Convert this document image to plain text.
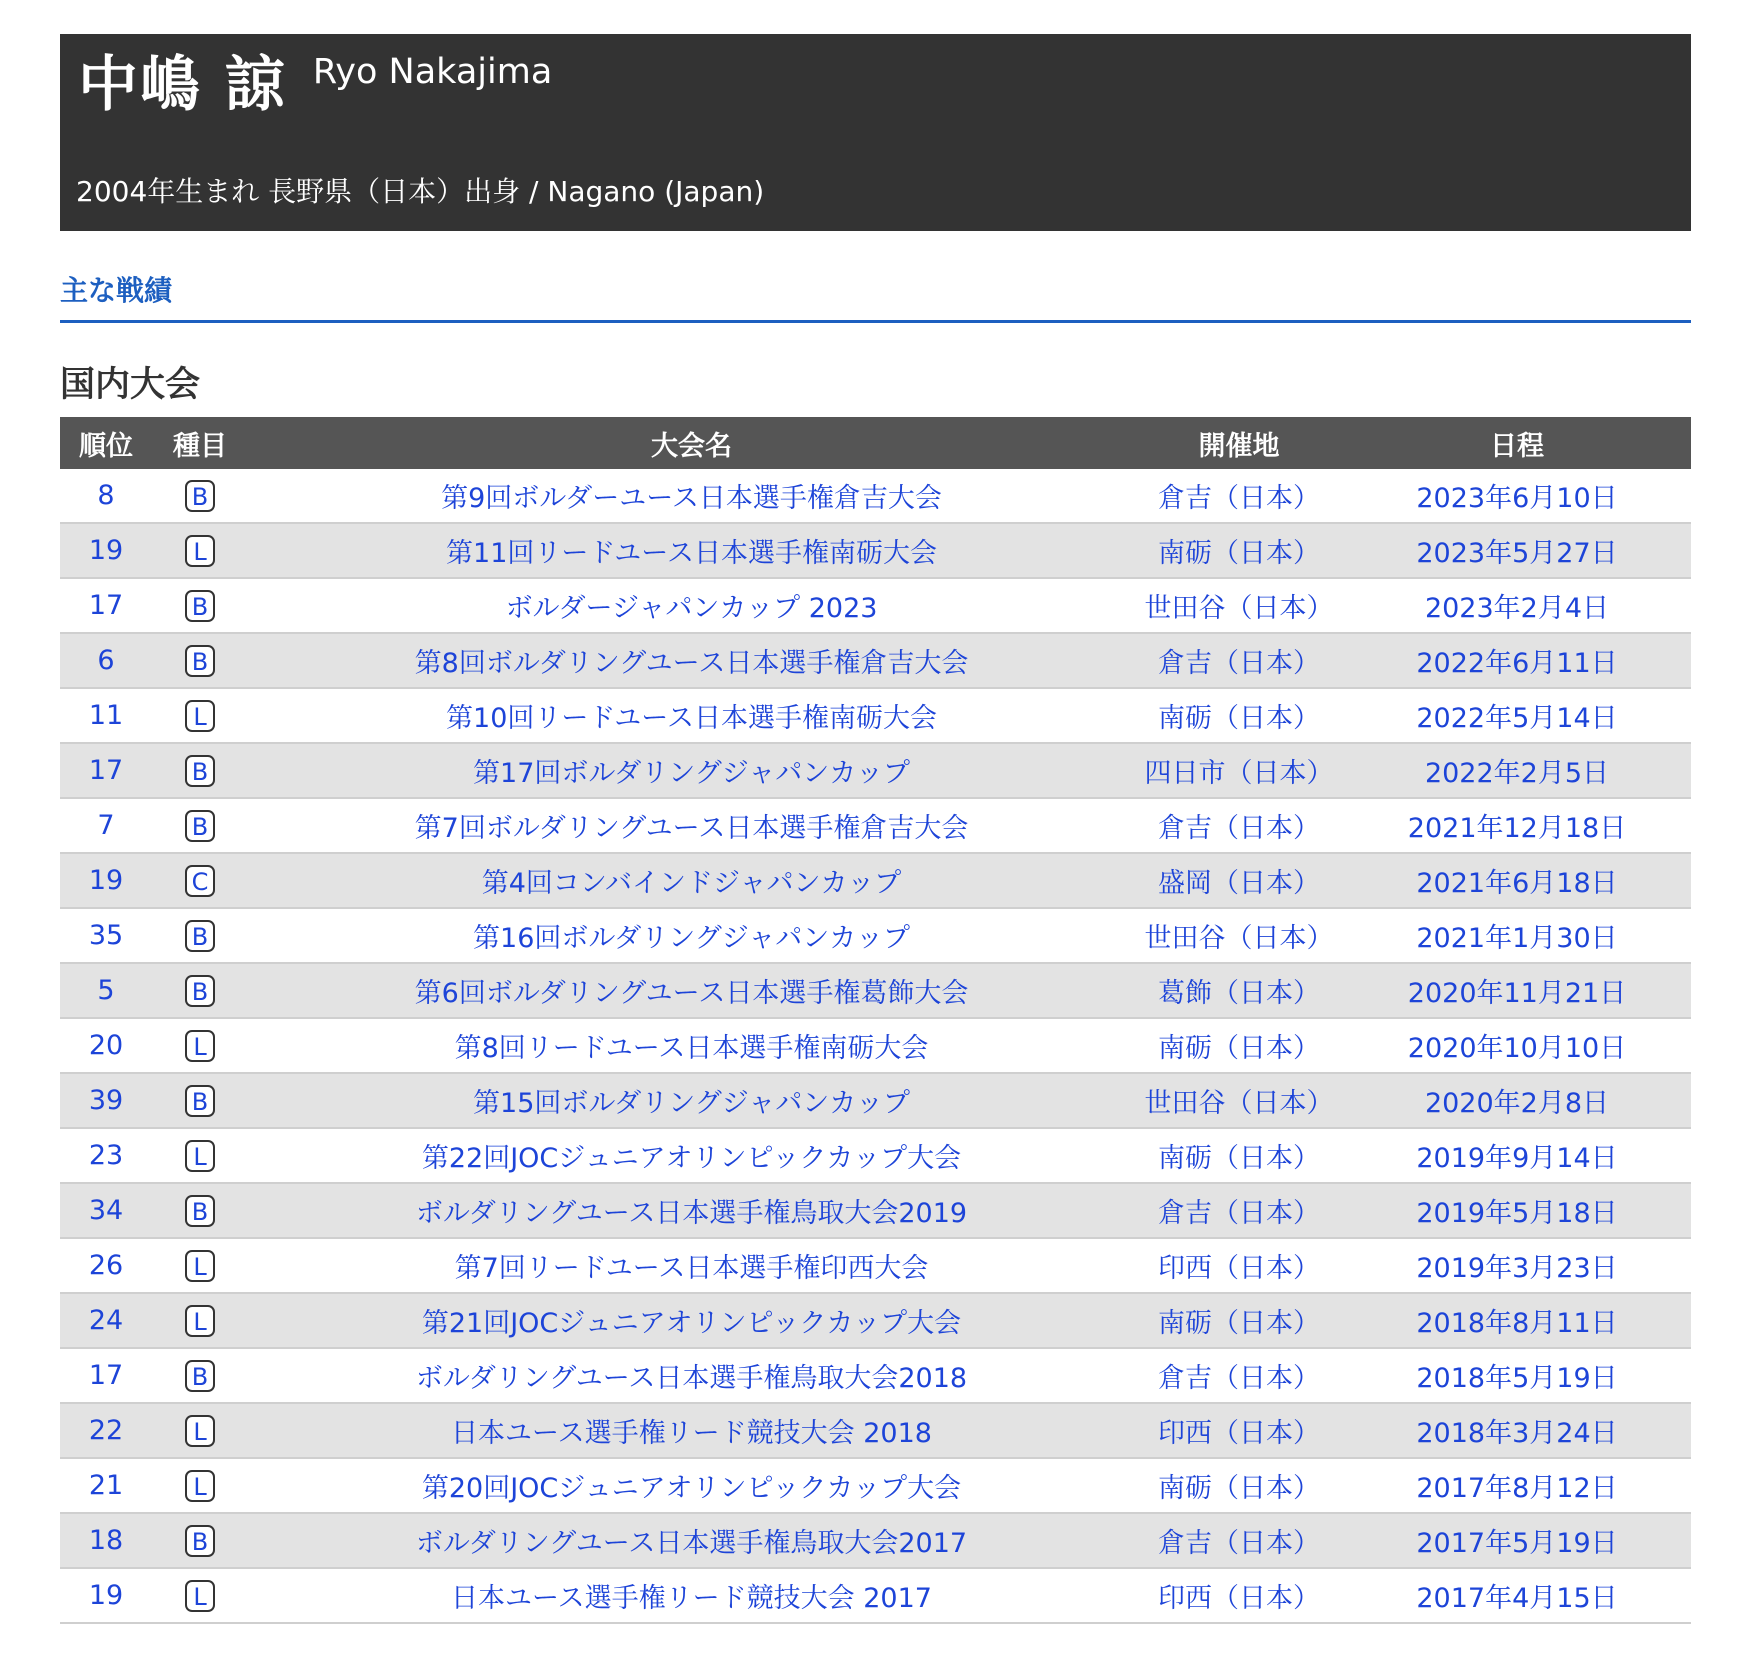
中嶋 諒 Ryo Nakajima
2004年生まれ 長野県（日本）出身 / Nagano (Japan)
主な戦績
国内大会
順位	種目	大会名	開催地	日程
8	B	第9回ボルダーユース日本選手権倉吉大会	倉吉（日本）	2023年6月10日
19	L	第11回リードユース日本選手権南砺大会	南砺（日本）	2023年5月27日
17	B	ボルダージャパンカップ 2023	世田谷（日本）	2023年2月4日
6	B	第8回ボルダリングユース日本選手権倉吉大会	倉吉（日本）	2022年6月11日
11	L	第10回リードユース日本選手権南砺大会	南砺（日本）	2022年5月14日
17	B	第17回ボルダリングジャパンカップ	四日市（日本）	2022年2月5日
7	B	第7回ボルダリングユース日本選手権倉吉大会	倉吉（日本）	2021年12月18日
19	C	第4回コンバインドジャパンカップ	盛岡（日本）	2021年6月18日
35	B	第16回ボルダリングジャパンカップ	世田谷（日本）	2021年1月30日
5	B	第6回ボルダリングユース日本選手権葛飾大会	葛飾（日本）	2020年11月21日
20	L	第8回リードユース日本選手権南砺大会	南砺（日本）	2020年10月10日
39	B	第15回ボルダリングジャパンカップ	世田谷（日本）	2020年2月8日
23	L	第22回JOCジュニアオリンピックカップ大会	南砺（日本）	2019年9月14日
34	B	ボルダリングユース日本選手権鳥取大会2019	倉吉（日本）	2019年5月18日
26	L	第7回リードユース日本選手権印西大会	印西（日本）	2019年3月23日
24	L	第21回JOCジュニアオリンピックカップ大会	南砺（日本）	2018年8月11日
17	B	ボルダリングユース日本選手権鳥取大会2018	倉吉（日本）	2018年5月19日
22	L	日本ユース選手権リード競技大会 2018	印西（日本）	2018年3月24日
21	L	第20回JOCジュニアオリンピックカップ大会	南砺（日本）	2017年8月12日
18	B	ボルダリングユース日本選手権鳥取大会2017	倉吉（日本）	2017年5月19日
19	L	日本ユース選手権リード競技大会 2017	印西（日本）	2017年4月15日
